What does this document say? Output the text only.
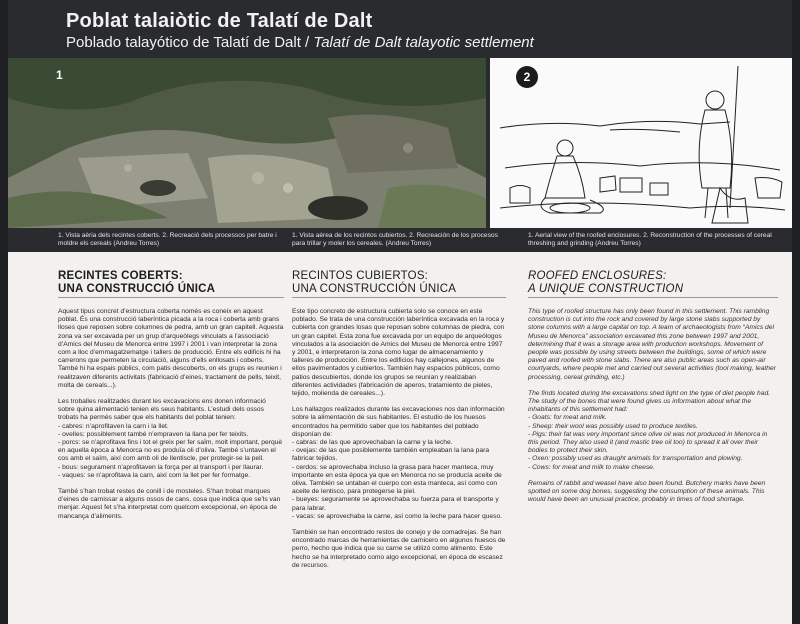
Poblat talaiòtic de Talatí de Dalt
Poblado talayótico de Talatí de Dalt / Talatí de Dalt talayotic settlement
1	2
1. Vista aèria dels recintes coberts. 2. Recreació dels processos per batre i moldre els cereals (Andreu Torres)
1. Vista aérea de los recintos cubiertos. 2. Recreación de los procesos para trillar y moler los cereales. (Andreu Torres)
1. Aerial view of the roofed enclosures. 2. Reconstruction of the processes of cereal threshing and grinding (Andreu Torres)
RECINTES COBERTS:
UNA CONSTRUCCIÓ ÚNICA

Aquest tipus concret d’estructura coberta només es coneix en aquest poblat. És una construcció laberíntica picada a la roca i coberta amb grans lloses que reposen sobre columnes de pedra, amb un gran capitell. Aquesta zona va ser excavada per un grup d’arqueòlegs vinculats a l’associació d’Amics del Museu de Menorca entre 1997 i 2001 i van interpretar la zona com a lloc d’emmagatzematge i tallers de producció. Entre els edificis hi ha carrerons que permeten la circulació, alguns d’ells enllosats i coberts. També hi ha espais públics, com patis descoberts, on els grups es reunien i realitzaven diferents activitats (fabricació d’eines, tractament de pells, teixit, molta de cereals...).

Les troballes realitzades durant les excavacions ens donen informació sobre quina alimentació tenien els seus habitants. L’estudi dels ossos trobats ha permès saber que els habitants del poblat tenien:
- cabres: n’aprofitaven la carn i la llet.
- ovelles: possiblement també n’empraven la llana per fer teixits.
- porcs: se n’aprofitava fins i tot el greix per fer saïm, molt important, perquè en aquella època a Menorca no es produïa oli d’oliva. També s’untaven el cos amb el saïm, així com amb oli de llentiscle, per protegir-se la pell.
- bous: segurament n’aprofitaven la força per al transport i per llaurar.
- vaques: se n’aprofitava la carn, així com la llet per fer formatge.

També s’han trobat restes de conill i de mosteles. S’han trobat marques d’eines de carnissar a alguns ossos de cans, cosa que indica que se’ls van menjar. Aquest fet s’ha interpretat com quelcom excepcional, en època de mancança d’aliments.

RECINTOS CUBIERTOS:
UNA CONSTRUCCIÓN ÚNICA

Este tipo concreto de estructura cubierta solo se conoce en este poblado. Se trata de una construcción laberíntica excavada en la roca y cubierta con grandes losas que reposan sobre columnas de piedra, con un gran capitel. Esta zona fue excavada por un equipo de arqueólogos vinculados a la asociación de Amics del Museu de Menorca entre 1997 y 2001, e interpretaron la zona como lugar de almacenamiento y talleres de producción. Entre los edificios hay callejones, algunos de ellos pavimentados y cubiertos. También hay espacios públicos, como patios descubiertos, donde los grupos se reunían y realizaban diferentes actividades (fabricación de aperos, tratamiento de pieles, tejido, molienda de cereales...).

Los hallazgos realizados durante las excavaciones nos dan información sobre la alimentación de sus habitantes. El estudio de los huesos encontrados ha permitido saber que los habitantes del poblado disponían de:
- cabras: de las que aprovechaban la carne y la leche.
- ovejas: de las que posiblemente también empleaban la lana para fabricar tejidos.
- cerdos: se aprovechaba incluso la grasa para hacer manteca, muy importante en esta época ya que en Menorca no se producía aceite de oliva. También se untaban el cuerpo con esta manteca, así como con aceite de lentisco, para protegerse la piel.
- bueyes: seguramente se aprovechaba su fuerza para el transporte y para labrar.
- vacas: se aprovechaba la carne, así como la leche para hacer queso.

También se han encontrado restos de conejo y de comadrejas. Se han encontrado marcas de herramientas de carnicero en algunos huesos de perro, hecho que indica que su carne se utilizó como alimento. Este hecho se ha interpretado como algo excepcional, en época de escasez de recursos.

ROOFED ENCLOSURES:
A UNIQUE CONSTRUCTION

This type of roofed structure has only been found in this settlement. This rambling construction is cut into the rock and covered by large stone slabs supported by stone columns with a large capital on top. A team of archaeologists from “Amics del Museu de Menorca” association excavated this zone between 1997 and 2001, determining that it was a storage area with production workshops. Movement of people was possible by using streets between the buildings, some of which were paved and roofed with stone slabs. There are also public areas such as open-air courtyards, where people met and carried out several activities (tool making, leather processing, cereal grinding, etc.)

The finds located during the excavations shed light on the type of diet people had. The study of the bones that were found gives us information about what the inhabitants of this settlement had:
- Goats: for meat and milk.
- Sheep: their wool was possibly used to produce textiles.
- Pigs: their fat was very important since olive oil was not produced in Menorca in this period. They also used it (and mastic tree oil too) to spread it all over their bodies to protect their skin.
- Oxen: possibly used as draught animals for transportation and plowing.
- Cows: for meat and milk to make cheese.

Remains of rabbit and weasel have also been found. Butchery marks have been spotted on some dog bones, suggesting the consumption of these animals. This would have been an unusual practice, probably in times of food shortage.
